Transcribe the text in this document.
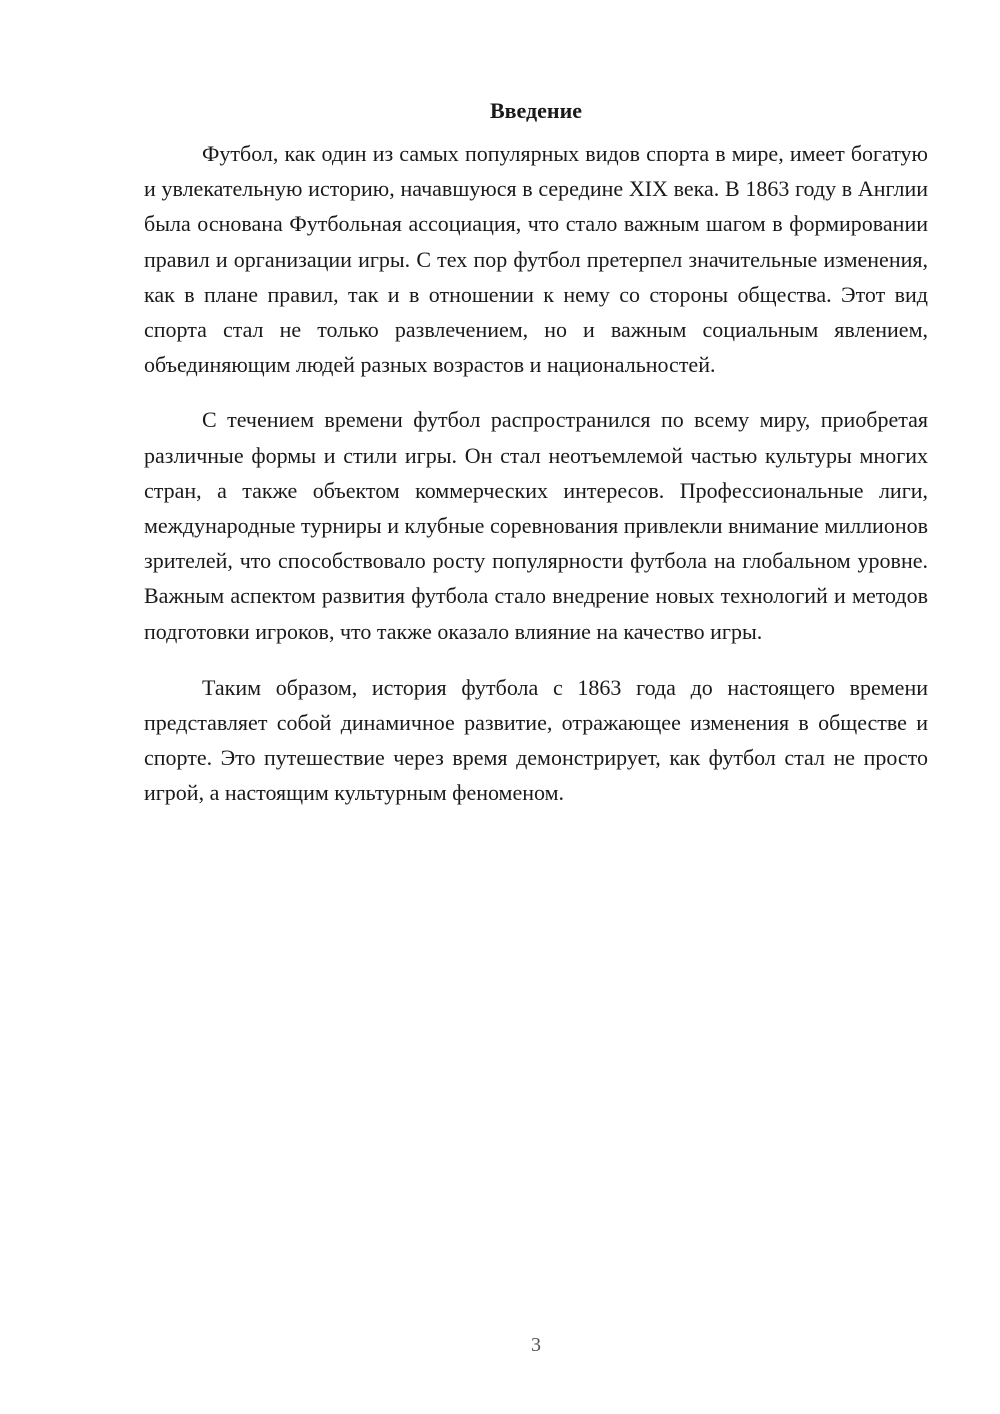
Введение

Футбол, как один из самых популярных видов спорта в мире, имеет богатую и увлекательную историю, начавшуюся в середине XIX века. В 1863 году в Англии была основана Футбольная ассоциация, что стало важным шагом в формировании правил и организации игры. С тех пор футбол претерпел значительные изменения, как в плане правил, так и в отношении к нему со стороны общества. Этот вид спорта стал не только развлечением, но и важным социальным явлением, объединяющим людей разных возрастов и национальностей.

С течением времени футбол распространился по всему миру, приобретая различные формы и стили игры. Он стал неотъемлемой частью культуры многих стран, а также объектом коммерческих интересов. Профессиональные лиги, международные турниры и клубные соревнования привлекли внимание миллионов зрителей, что способствовало росту популярности футбола на глобальном уровне. Важным аспектом развития футбола стало внедрение новых технологий и методов подготовки игроков, что также оказало влияние на качество игры.

Таким образом, история футбола с 1863 года до настоящего времени представляет собой динамичное развитие, отражающее изменения в обществе и спорте. Это путешествие через время демонстрирует, как футбол стал не просто игрой, а настоящим культурным феноменом.

3
